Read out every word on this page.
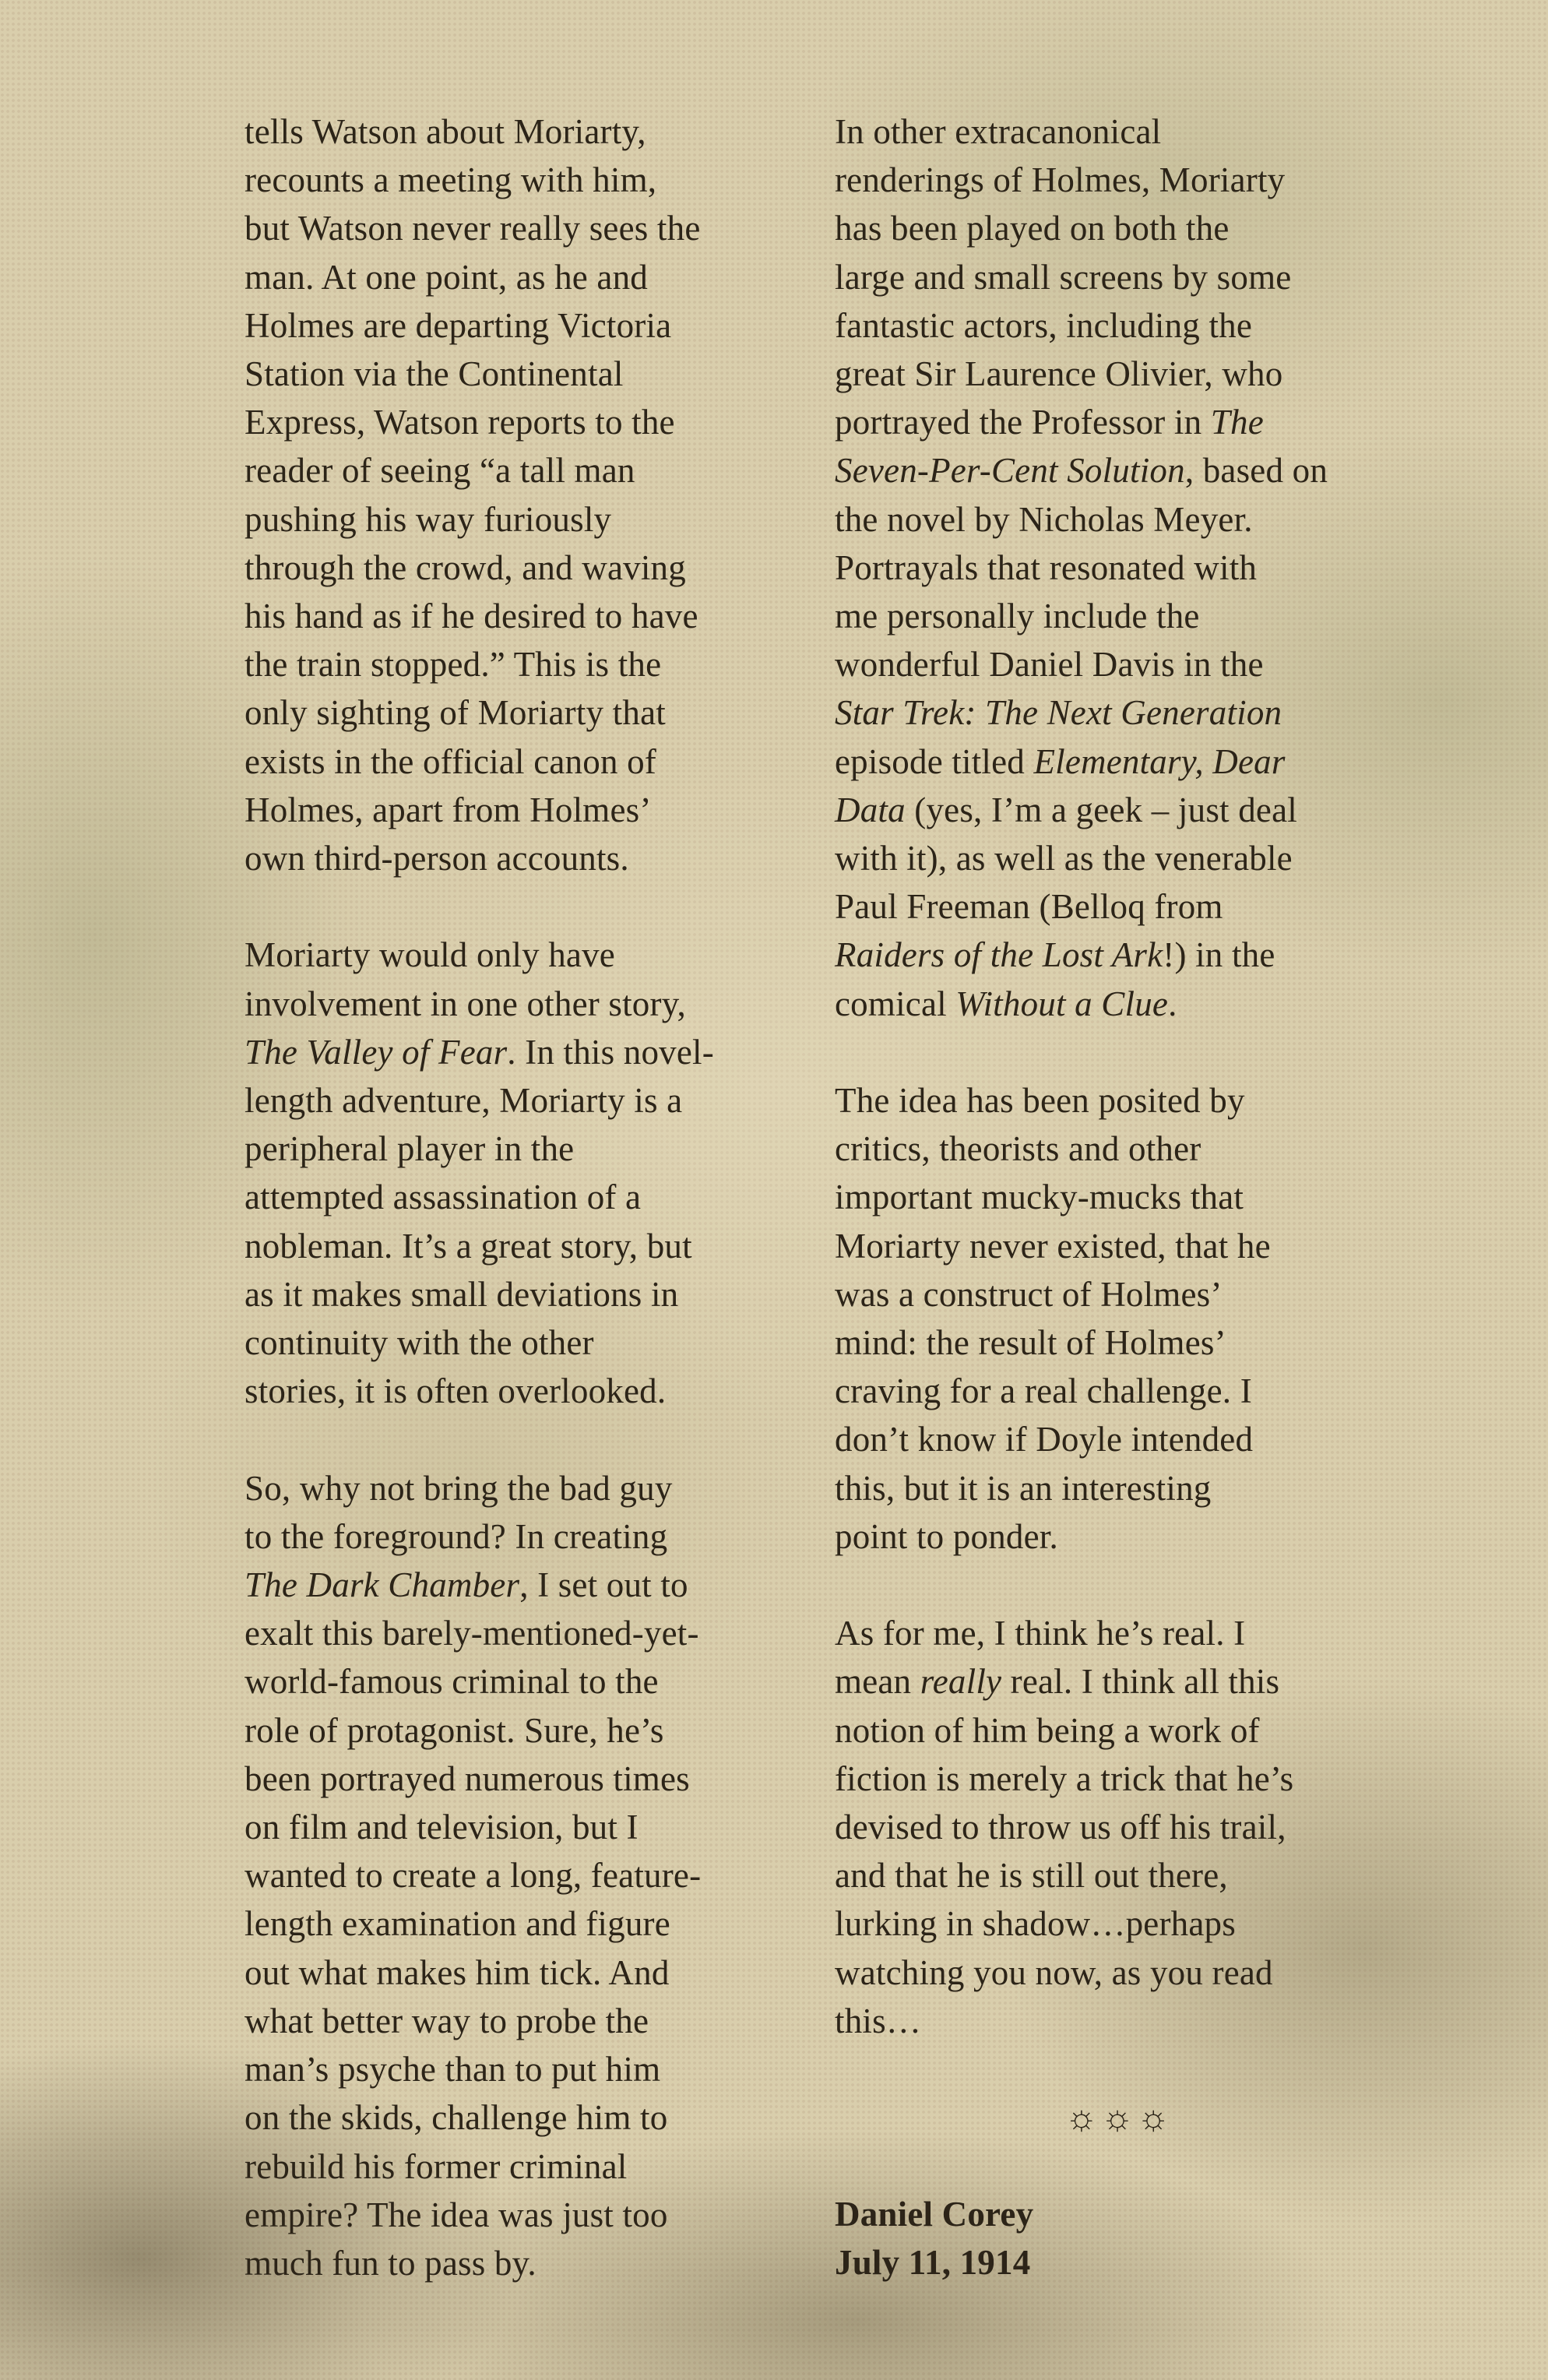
tells Watson about Moriarty,
recounts a meeting with him,
but Watson never really sees the
man. At one point, as he and
Holmes are departing Victoria
Station via the Continental
Express, Watson reports to the
reader of seeing “a tall man
pushing his way furiously
through the crowd, and waving
his hand as if he desired to have
the train stopped.” This is the
only sighting of Moriarty that
exists in the official canon of
Holmes, apart from Holmes’
own third-person accounts.
Moriarty would only have
involvement in one other story,
The Valley of Fear. In this novel-
length adventure, Moriarty is a
peripheral player in the
attempted assassination of a
nobleman. It’s a great story, but
as it makes small deviations in
continuity with the other
stories, it is often overlooked.
So, why not bring the bad guy
to the foreground? In creating
The Dark Chamber, I set out to
exalt this barely-mentioned-yet-
world-famous criminal to the
role of protagonist. Sure, he’s
been portrayed numerous times
on film and television, but I
wanted to create a long, feature-
length examination and figure
out what makes him tick. And
what better way to probe the
man’s psyche than to put him
on the skids, challenge him to
rebuild his former criminal
empire? The idea was just too
much fun to pass by.
In other extracanonical
renderings of Holmes, Moriarty
has been played on both the
large and small screens by some
fantastic actors, including the
great Sir Laurence Olivier, who
portrayed the Professor in The
Seven-Per-Cent Solution, based on
the novel by Nicholas Meyer.
Portrayals that resonated with
me personally include the
wonderful Daniel Davis in the
Star Trek: The Next Generation
episode titled Elementary, Dear
Data (yes, I’m a geek – just deal
with it), as well as the venerable
Paul Freeman (Belloq from
Raiders of the Lost Ark!) in the
comical Without a Clue.
The idea has been posited by
critics, theorists and other
important mucky-mucks that
Moriarty never existed, that he
was a construct of Holmes’
mind: the result of Holmes’
craving for a real challenge. I
don’t know if Doyle intended
this, but it is an interesting
point to ponder.
As for me, I think he’s real. I
mean really real. I think all this
notion of him being a work of
fiction is merely a trick that he’s
devised to throw us off his trail,
and that he is still out there,
lurking in shadow…perhaps
watching you now, as you read
this…
☼☼☼
Daniel Corey
July 11, 1914
